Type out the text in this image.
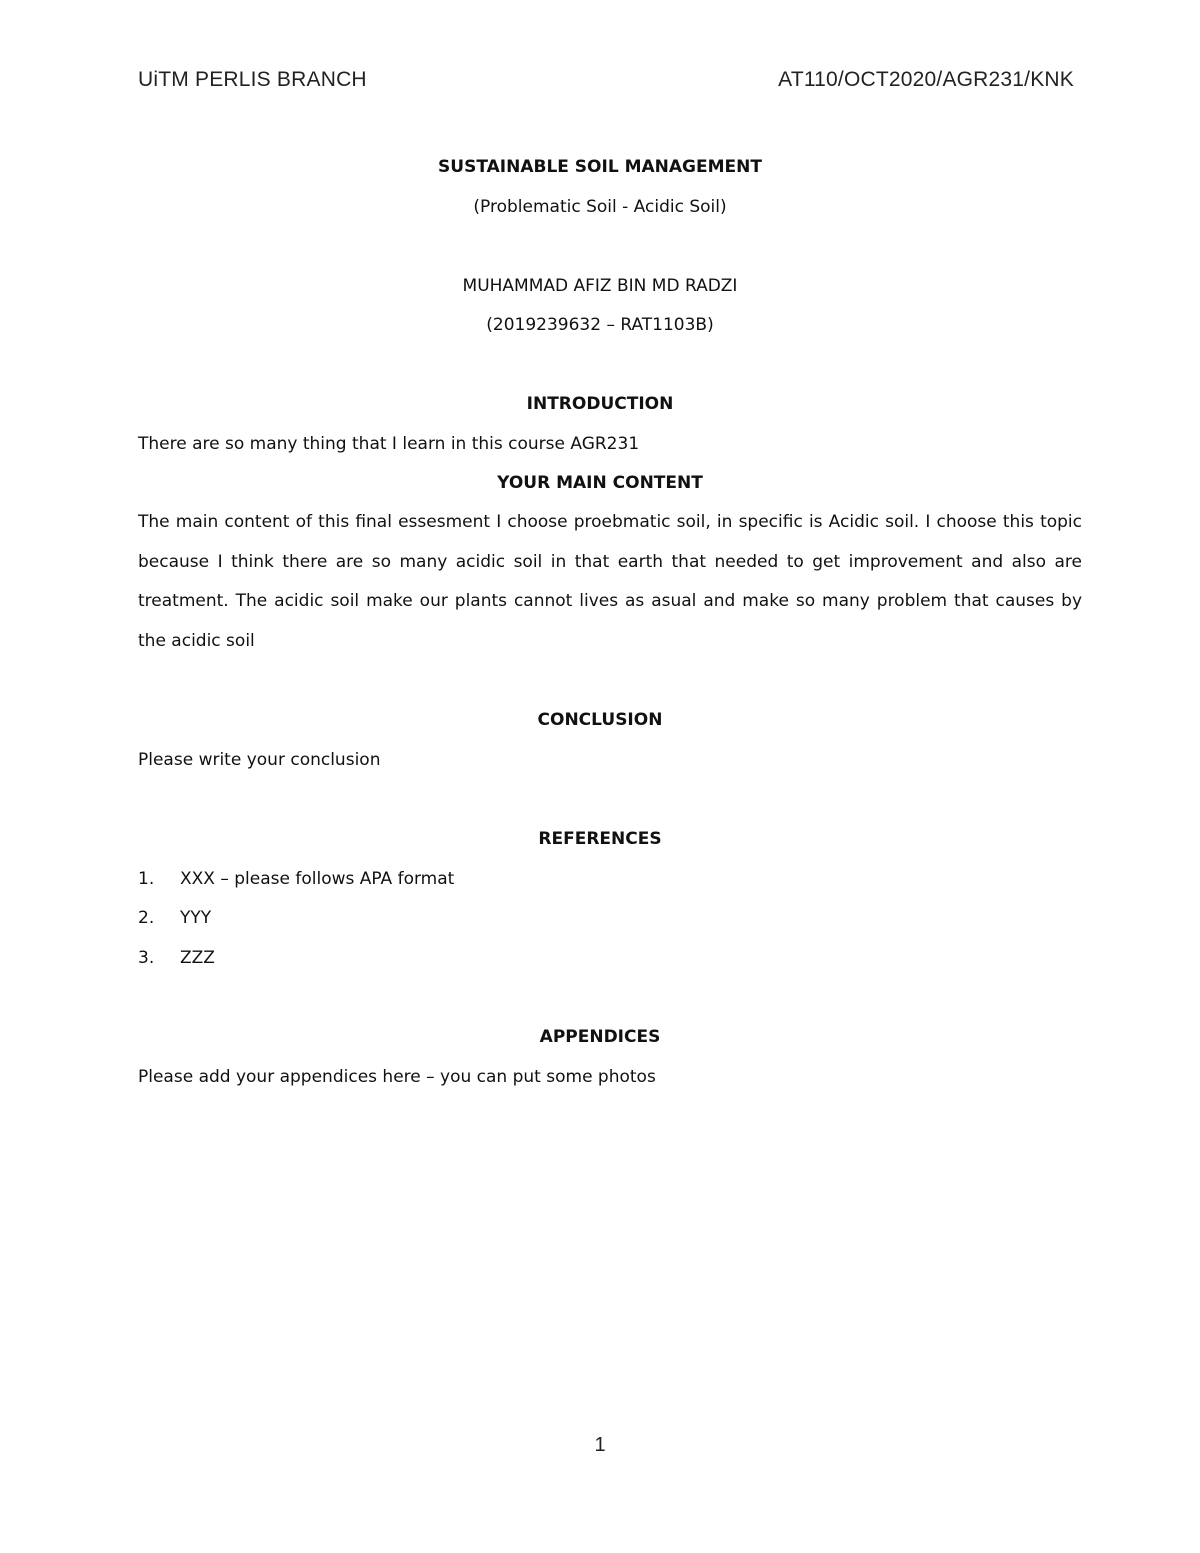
UiTM PERLIS BRANCH	AT110/OCT2020/AGR231/KNK
SUSTAINABLE SOIL MANAGEMENT
(Problematic Soil - Acidic Soil)
MUHAMMAD AFIZ BIN MD RADZI
(2019239632 – RAT1103B)
INTRODUCTION
There are so many thing that I learn in this course AGR231
YOUR MAIN CONTENT
The main content of this final essesment I choose proebmatic soil, in specific is Acidic soil. I choose this topic because I think there are so many acidic soil in that earth that needed to get improvement and also are treatment. The acidic soil make our plants cannot lives as asual and make so many problem that causes by the acidic soil
CONCLUSION
Please write your conclusion
REFERENCES
1. XXX – please follows APA format
2. YYY
3. ZZZ
APPENDICES
Please add your appendices here – you can put some photos
1
